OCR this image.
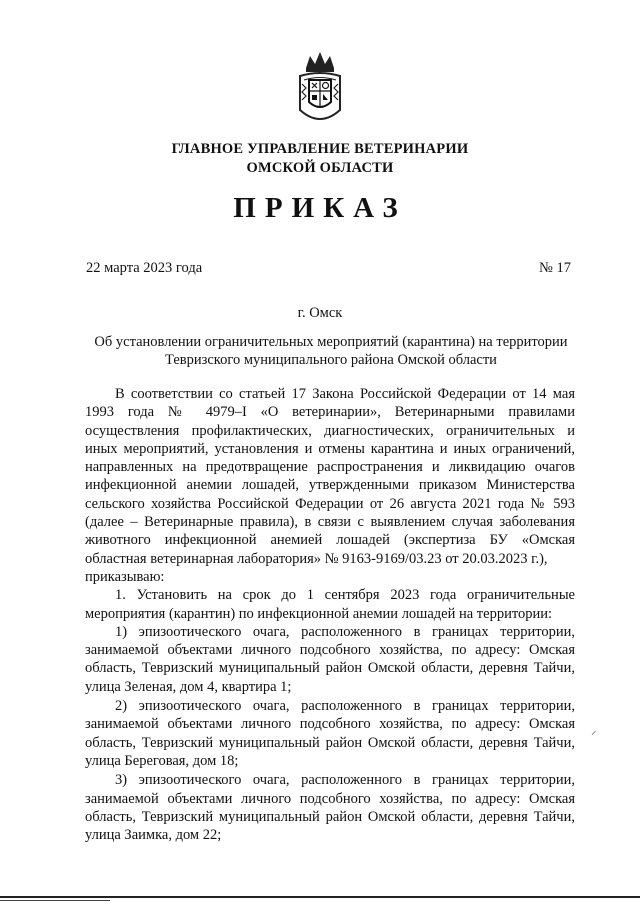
ГЛАВНОЕ УПРАВЛЕНИЕ ВЕТЕРИНАРИИ
ОМСКОЙ ОБЛАСТИ
ПРИКАЗ
22 марта 2023 года	№ 17
г. Омск
Об установлении ограничительных мероприятий (карантина) на территории Тевризского муниципального района Омской области

В соответствии со статьей 17 Закона Российской Федерации от 14 мая 1993 года № 4979–I «О ветеринарии», Ветеринарными правилами осуществления профилактических, диагностических, ограничительных и иных мероприятий, установления и отмены карантина и иных ограничений, направленных на предотвращение распространения и ликвидацию очагов инфекционной анемии лошадей, утвержденными приказом Министерства сельского хозяйства Российской Федерации от 26 августа 2021 года № 593 (далее – Ветеринарные правила), в связи с выявлением случая заболевания животного инфекционной анемией лошадей (экспертиза БУ «Омская областная ветеринарная лаборатория» № 9163-9169/03.23 от 20.03.2023 г.),

приказываю:

1. Установить на срок до 1 сентября 2023 года ограничительные мероприятия (карантин) по инфекционной анемии лошадей на территории:

1) эпизоотического очага, расположенного в границах территории, занимаемой объектами личного подсобного хозяйства, по адресу: Омская область, Тевризский муниципальный район Омской области, деревня Тайчи, улица Зеленая, дом 4, квартира 1;

2) эпизоотического очага, расположенного в границах территории, занимаемой объектами личного подсобного хозяйства, по адресу: Омская область, Тевризский муниципальный район Омской области, деревня Тайчи, улица Береговая, дом 18;

3) эпизоотического очага, расположенного в границах территории, занимаемой объектами личного подсобного хозяйства, по адресу: Омская область, Тевризский муниципальный район Омской области, деревня Тайчи, улица Заимка, дом 22;

⸝
